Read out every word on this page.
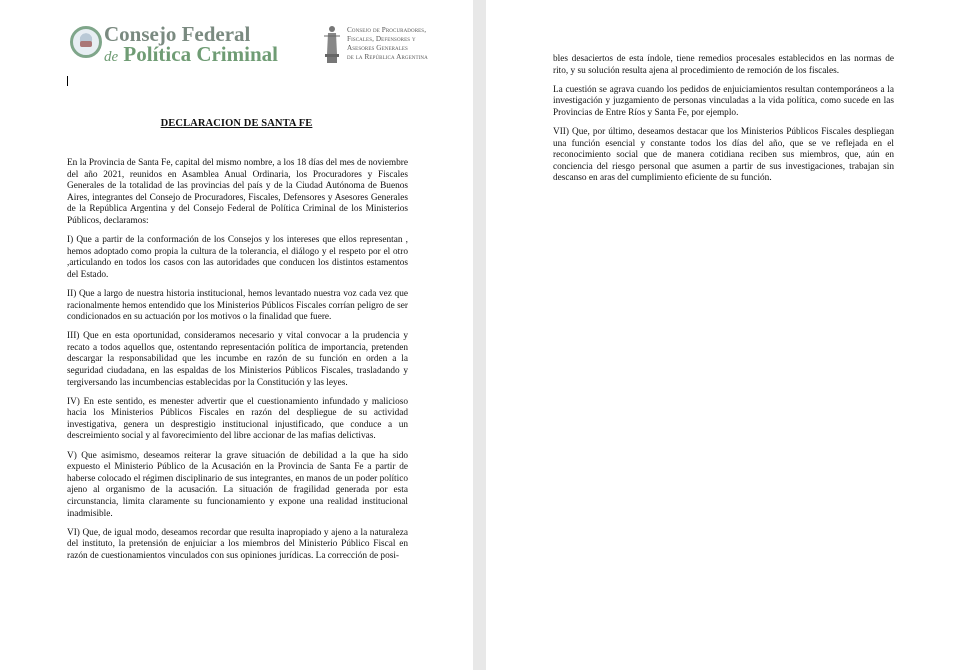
Consejo Federal
de Política Criminal
Consejo de Procuradores,
Fiscales, Defensores y
Asesores Generales
de la República Argentina
DECLARACION DE SANTA FE

En la Provincia de Santa Fe, capital del mismo nombre, a los 18 días del mes de noviembre del año 2021, reunidos en Asamblea Anual Ordinaria, los Procuradores y Fiscales Generales de la totalidad de las provincias del país y de la Ciudad Autónoma de Buenos Aires, integrantes del Consejo de Procuradores, Fiscales, Defensores y Asesores Generales de la República Argentina y del Consejo Federal de Política Criminal de los Ministerios Públicos, declaramos:

I) Que a partir de la conformación de los Consejos y los intereses que ellos representan , hemos adoptado como propia la cultura de la tolerancia, el diálogo y el respeto por el otro ,articulando en todos los casos con las autoridades que conducen los distintos estamentos del Estado.

II) Que a largo de nuestra historia institucional, hemos levantado nuestra voz cada vez que racionalmente hemos entendido que los Ministerios Públicos Fiscales corrían peligro de ser condicionados en su actuación por los motivos o la finalidad que fuere.

III) Que en esta oportunidad, consideramos necesario y vital convocar a la prudencia y recato a todos aquellos que, ostentando representación política de importancia, pretenden descargar la responsabilidad que les incumbe en razón de su función en orden a la seguridad ciudadana, en las espaldas de los Ministerios Públicos Fiscales, trasladando y tergiversando las incumbencias establecidas por la Constitución y las leyes.

IV) En este sentido, es menester advertir que el cuestionamiento infundado y malicioso hacia los Ministerios Públicos Fiscales en razón del despliegue de su actividad investigativa, genera un desprestigio institucional injustificado, que conduce a un descreimiento social y al favorecimiento del libre accionar de las mafias delictivas.

V) Que asimismo, deseamos reiterar la grave situación de debilidad a la que ha sido expuesto el Ministerio Público de la Acusación en la Provincia de Santa Fe a partir de haberse colocado el régimen disciplinario de sus integrantes, en manos de un poder político ajeno al organismo de la acusación. La situación de fragilidad generada por esta circunstancia, limita claramente su funcionamiento y expone una realidad institucional inadmisible.

VI) Que, de igual modo, deseamos recordar que resulta inapropiado y ajeno a la naturaleza del instituto, la pretensión de enjuiciar a los miembros del Ministerio Público Fiscal en razón de cuestionamientos vinculados con sus opiniones jurídicas. La corrección de posi-

bles desaciertos de esta índole, tiene remedios procesales establecidos en las normas de rito, y su solución resulta ajena al procedimiento de remoción de los fiscales.

La cuestión se agrava cuando los pedidos de enjuiciamientos resultan contemporáneos a la investigación y juzgamiento de personas vinculadas a la vida política, como sucede en las Provincias de Entre Ríos y Santa Fe, por ejemplo.

VII) Que, por último, deseamos destacar que los Ministerios Públicos Fiscales despliegan una función esencial y constante todos los días del año, que se ve reflejada en el reconocimiento social que de manera cotidiana reciben sus miembros, que, aún en conciencia del riesgo personal que asumen a partir de sus investigaciones, trabajan sin descanso en aras del cumplimiento eficiente de su función.
